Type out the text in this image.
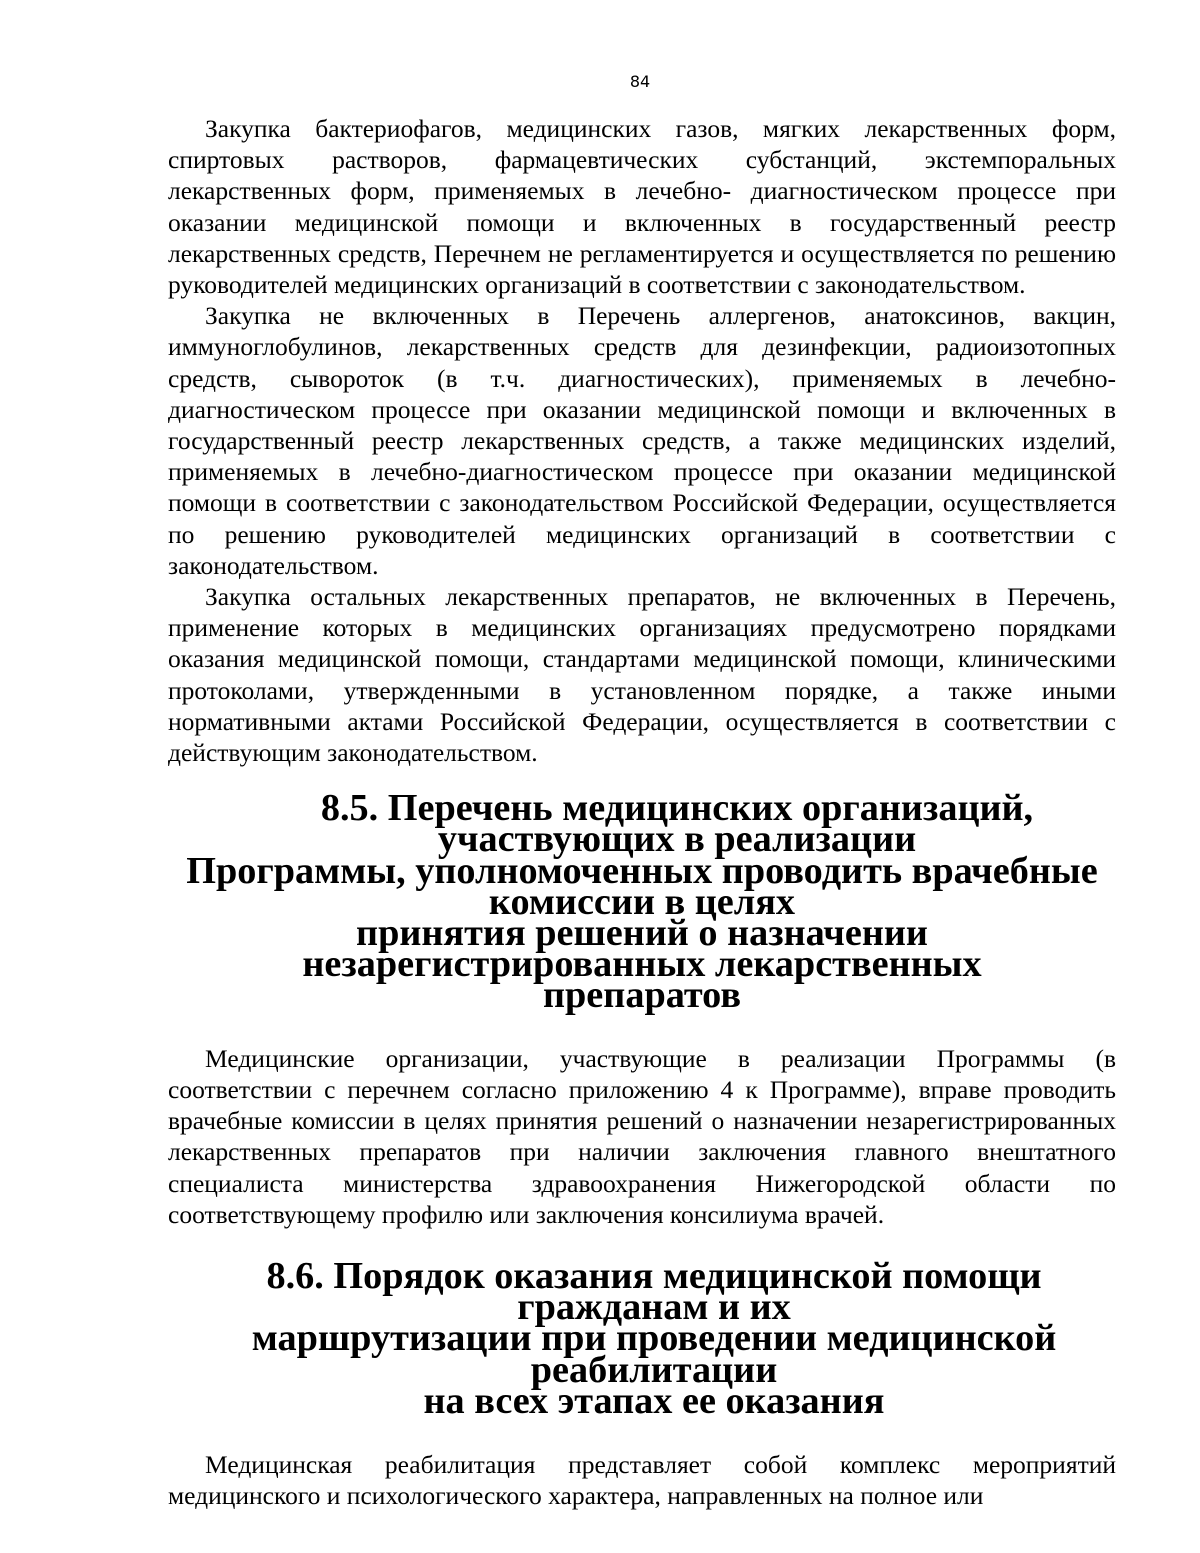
84

Закупка бактериофагов, медицинских газов, мягких лекарственных форм, спиртовых растворов, фармацевтических субстанций, экстемпоральных лекарственных форм, применяемых в лечебно- диагностическом процессе при оказании медицинской помощи и включенных в государственный реестр лекарственных средств, Перечнем не регламентируется и осуществляется по решению руководителей медицинских организаций в соответствии с законодательством.

Закупка не включенных в Перечень аллергенов, анатоксинов, вакцин, иммуноглобулинов, лекарственных средств для дезинфекции, радиоизотопных средств, сывороток (в т.ч. диагностических), применяемых в лечебно-диагностическом процессе при оказании медицинской помощи и включенных в государственный реестр лекарственных средств, а также медицинских изделий, применяемых в лечебно-диагностическом процессе при оказании медицинской помощи в соответствии с законодательством Российской Федерации, осуществляется по решению руководителей медицинских организаций в соответствии с законодательством.

Закупка остальных лекарственных препаратов, не включенных в Перечень, применение которых в медицинских организациях предусмотрено порядками оказания медицинской помощи, стандартами медицинской помощи, клиническими протоколами, утвержденными в установленном порядке, а также иными нормативными актами Российской Федерации, осуществляется в соответствии с действующим законодательством.

8.5. Перечень медицинских организаций, участвующих в реализации
Программы, уполномоченных проводить врачебные комиссии в целях
принятия решений о назначении незарегистрированных лекарственных
препаратов

Медицинские организации, участвующие в реализации Программы (в соответствии с перечнем согласно приложению 4 к Программе), вправе проводить врачебные комиссии в целях принятия решений о назначении незарегистрированных лекарственных препаратов при наличии заключения главного внештатного специалиста министерства здравоохранения Нижегородской области по соответствующему профилю или заключения консилиума врачей.

8.6. Порядок оказания медицинской помощи гражданам и их
маршрутизации при проведении медицинской реабилитации
на всех этапах ее оказания

Медицинская реабилитация представляет собой комплекс мероприятий медицинского и психологического характера, направленных на полное или
